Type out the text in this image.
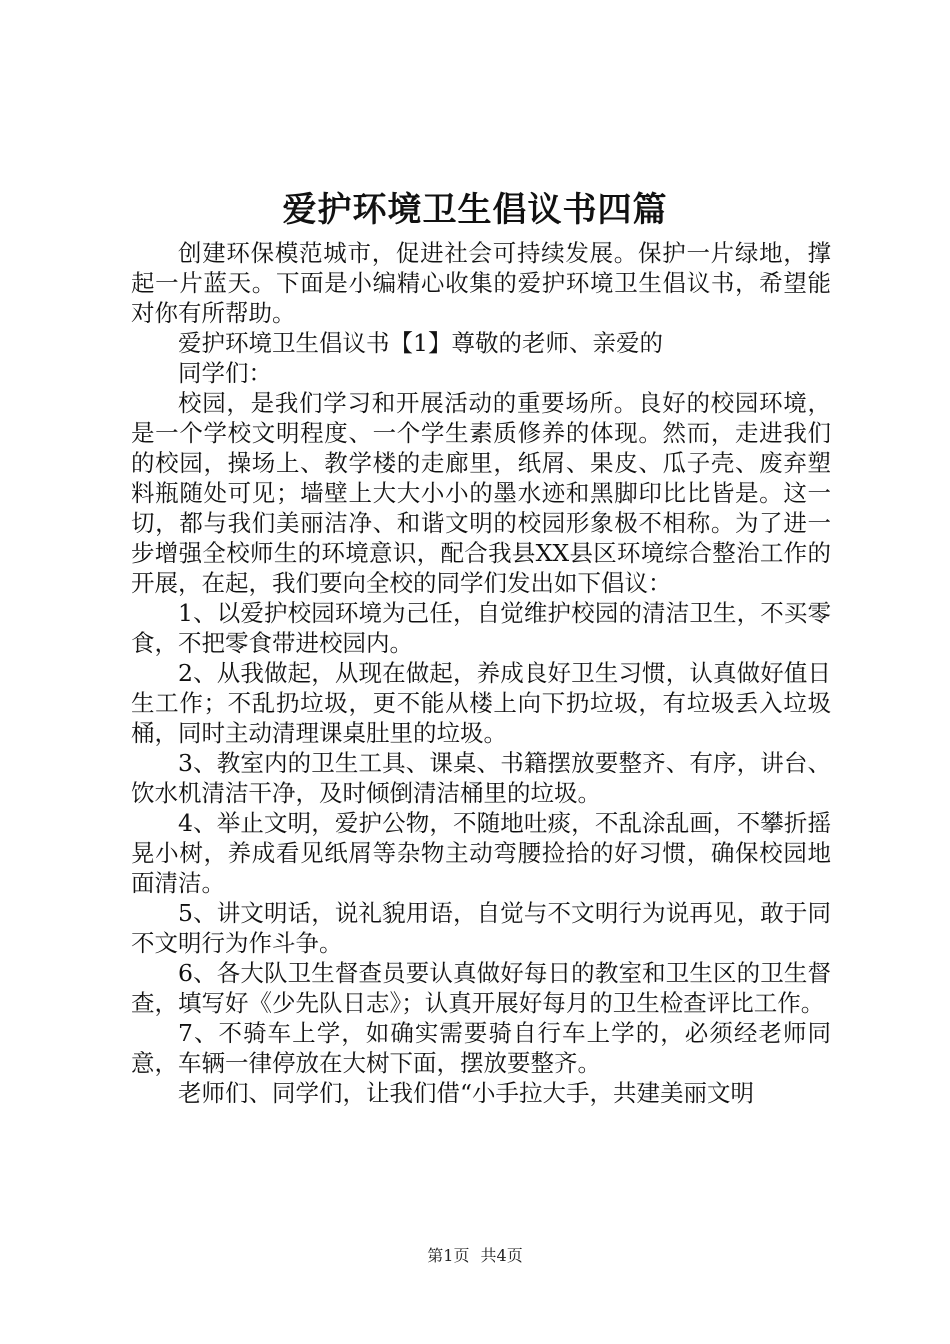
爱护环境卫生倡议书四篇

创建环保模范城市，促进社会可持续发展。保护一片绿地，撑起一片蓝天。下面是小编精心收集的爱护环境卫生倡议书，希望能对你有所帮助。

爱护环境卫生倡议书【1】尊敬的老师、亲爱的

同学们：

校园，是我们学习和开展活动的重要场所。良好的校园环境，是一个学校文明程度、一个学生素质修养的体现。然而，走进我们的校园，操场上、教学楼的走廊里，纸屑、果皮、瓜子壳、废弃塑料瓶随处可见；墙壁上大大小小的墨水迹和黑脚印比比皆是。这一切，都与我们美丽洁净、和谐文明的校园形象极不相称。为了进一步增强全校师生的环境意识，配合我县XX县区环境综合整治工作的开展，在起，我们要向全校的同学们发出如下倡议：

1、以爱护校园环境为己任，自觉维护校园的清洁卫生，不买零食，不把零食带进校园内。

2、从我做起，从现在做起，养成良好卫生习惯，认真做好值日生工作；不乱扔垃圾，更不能从楼上向下扔垃圾，有垃圾丢入垃圾桶，同时主动清理课桌肚里的垃圾。

3、教室内的卫生工具、课桌、书籍摆放要整齐、有序，讲台、饮水机清洁干净，及时倾倒清洁桶里的垃圾。

4、举止文明，爱护公物，不随地吐痰，不乱涂乱画，不攀折摇晃小树，养成看见纸屑等杂物主动弯腰捡拾的好习惯，确保校园地面清洁。

5、讲文明话，说礼貌用语，自觉与不文明行为说再见，敢于同不文明行为作斗争。

6、各大队卫生督查员要认真做好每日的教室和卫生区的卫生督查，填写好《少先队日志》；认真开展好每月的卫生检查评比工作。

7、不骑车上学，如确实需要骑自行车上学的，必须经老师同意，车辆一律停放在大树下面，摆放要整齐。

老师们、同学们，让我们借“小手拉大手，共建美丽文明

第1页 共4页
